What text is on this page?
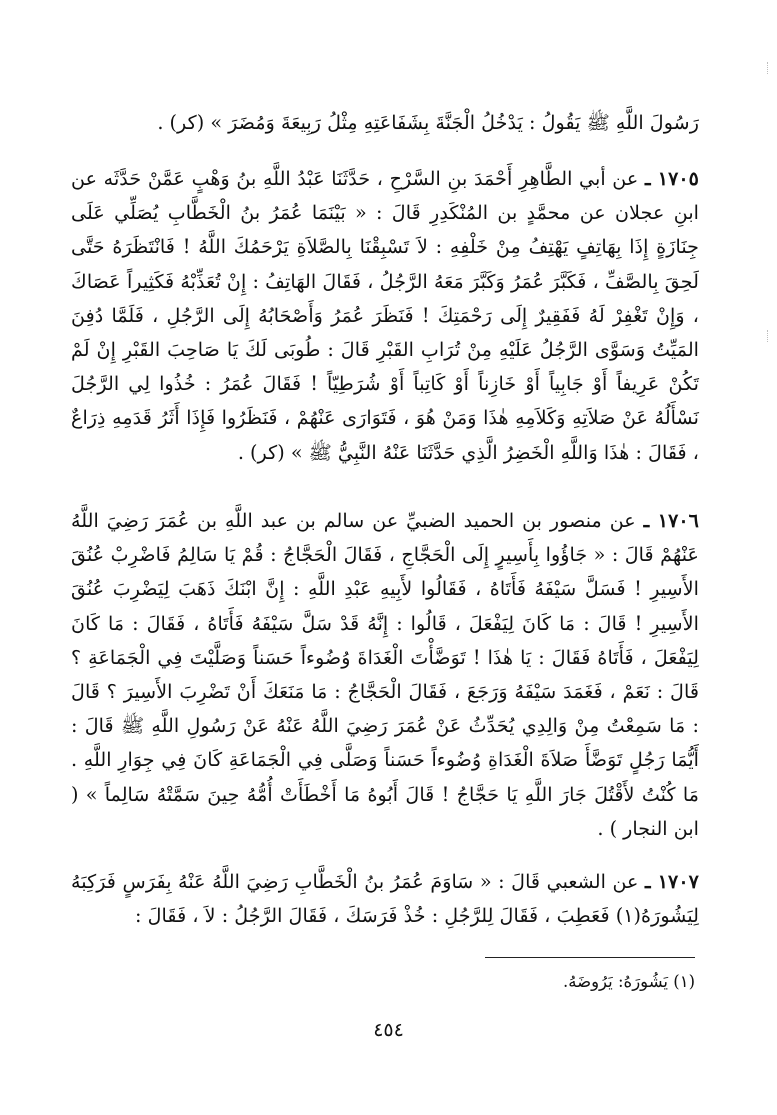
رَسُولَ اللَّهِ ﷺ يَقُولُ : يَدْخُلُ الْجَنَّةَ بِشَفَاعَتِهِ مِثْلُ رَبِيعَةَ وَمُضَرَ » (كر) .
١٧٠٥ ـ عن أبي الطَّاهِرِ أَحْمَدَ بنِ السَّرْحِ ، حَدَّثَنَا عَبْدُ اللَّهِ بنُ وَهْبٍ عَمَّنْ حَدَّثَه عن ابنِ عجلان عن محمَّدٍ بن المُنْكَدِرِ قَالَ : « بَيْنَمَا عُمَرُ بنُ الْخَطَّابِ يُصَلِّي عَلَى جِنَازَةٍ إِذَا بِهَاتِفٍ يَهْتِفُ مِنْ خَلْفِهِ : لاَ تَسْبِقْنَا بِالصَّلاَةِ يَرْحَمُكَ اللَّهُ ! فَانْتَظَرَهُ حَتَّى لَحِقَ بِالصَّفِّ ، فَكَبَّرَ عُمَرُ وَكَبَّرَ مَعَهُ الرَّجُلُ ، فَقَالَ الهَاتِفُ : إِنْ تُعَذِّبْهُ فَكَثِيراً عَصَاكَ ، وَإِنْ تَغْفِرْ لَهُ فَفَقِيرٌ إِلَى رَحْمَتِكَ ! فَنَظَرَ عُمَرُ وَأَصْحَابُهُ إِلَى الرَّجُلِ ، فَلَمَّا دُفِنَ المَيِّتُ وَسَوَّى الرَّجُلُ عَلَيْهِ مِنْ تُرَابِ القَبْرِ قَالَ : طُوبَى لَكَ يَا صَاحِبَ القَبْرِ إِنْ لَمْ تَكُنْ عَرِيفاً أَوْ جَابِياً أَوْ خَازِناً أَوْ كَاتِباً أَوْ شُرَطِيّاً ! فَقَالَ عُمَرُ : خُذُوا لِي الرَّجُلَ نَسْأَلُهُ عَنْ صَلاَتِهِ وَكَلاَمِهِ هٰذَا وَمَنْ هُوَ ، فَتَوَارَى عَنْهُمْ ، فَنَظَرُوا فَإِذَا أَثَرُ قَدَمِهِ ذِرَاعٌ ، فَقَالَ : هٰذَا وَاللَّهِ الْخَضِرُ الَّذِي حَدَّثَنَا عَنْهُ النَّبِيُّ ﷺ » (كر) .
١٧٠٦ ـ عن منصور بن الحميد الضبيِّ عن سالم بن عبد اللَّهِ بن عُمَرَ رَضِيَ اللَّهُ عَنْهُمْ قَالَ : « جَاؤُوا بِأَسِيرٍ إِلَى الْحَجَّاجِ ، فَقَالَ الْحَجَّاجُ : قُمْ يَا سَالِمُ فَاضْرِبْ عُنُقَ الأَسِيرِ ! فَسَلَّ سَيْفَهُ فَأَتَاهُ ، فَقَالُوا لأَبِيهِ عَبْدِ اللَّهِ : إِنَّ ابْنَكَ ذَهَبَ لِيَضْرِبَ عُنُقَ الأَسِيرِ ! قَالَ : مَا كَانَ لِيَفْعَلَ ، قَالُوا : إِنَّهُ قَدْ سَلَّ سَيْفَهُ فَأَتَاهُ ، فَقَالَ : مَا كَانَ لِيَفْعَلَ ، فَأَتَاهُ فَقَالَ : يَا هٰذَا ! تَوَضَّأْتَ الْغَدَاةَ وُضُوءاً حَسَناً وَصَلَّيْتَ فِي الْجَمَاعَةِ ؟ قَالَ : نَعَمْ ، فَغَمَدَ سَيْفَهُ وَرَجَعَ ، فَقَالَ الْحَجَّاجُ : مَا مَنَعَكَ أَنْ تَضْرِبَ الأَسِيرَ ؟ قَالَ : مَا سَمِعْتُ مِنْ وَالِدِي يُحَدِّثُ عَنْ عُمَرَ رَضِيَ اللَّهُ عَنْهُ عَنْ رَسُولِ اللَّهِ ﷺ قَالَ : أَيُّمَا رَجُلٍ تَوَضَّأَ صَلاَةَ الْغَدَاةِ وُضُوءاً حَسَناً وَصَلَّى فِي الْجَمَاعَةِ كَانَ فِي جِوَارِ اللَّهِ . مَا كُنْتُ لأَقْتُلَ جَارَ اللَّهِ يَا حَجَّاجُ ! قَالَ أَبُوهُ مَا أَخْطَأَتْ أُمُّهُ حِينَ سَمَّتْهُ سَالِماً » ( ابن النجار ) .
١٧٠٧ ـ عن الشعبي قَالَ : « سَاوَمَ عُمَرُ بنُ الْخَطَّابِ رَضِيَ اللَّهُ عَنْهُ بِفَرَسٍ فَرَكِبَهُ لِيَشُورَهُ(١) فَعَطِبَ ، فَقَالَ لِلرَّجُلِ : خُذْ فَرَسَكَ ، فَقَالَ الرَّجُلُ : لاَ ، فَقَالَ :
(١) يَشُورَهُ: يَرُوضَهُ.
٤٥٤
